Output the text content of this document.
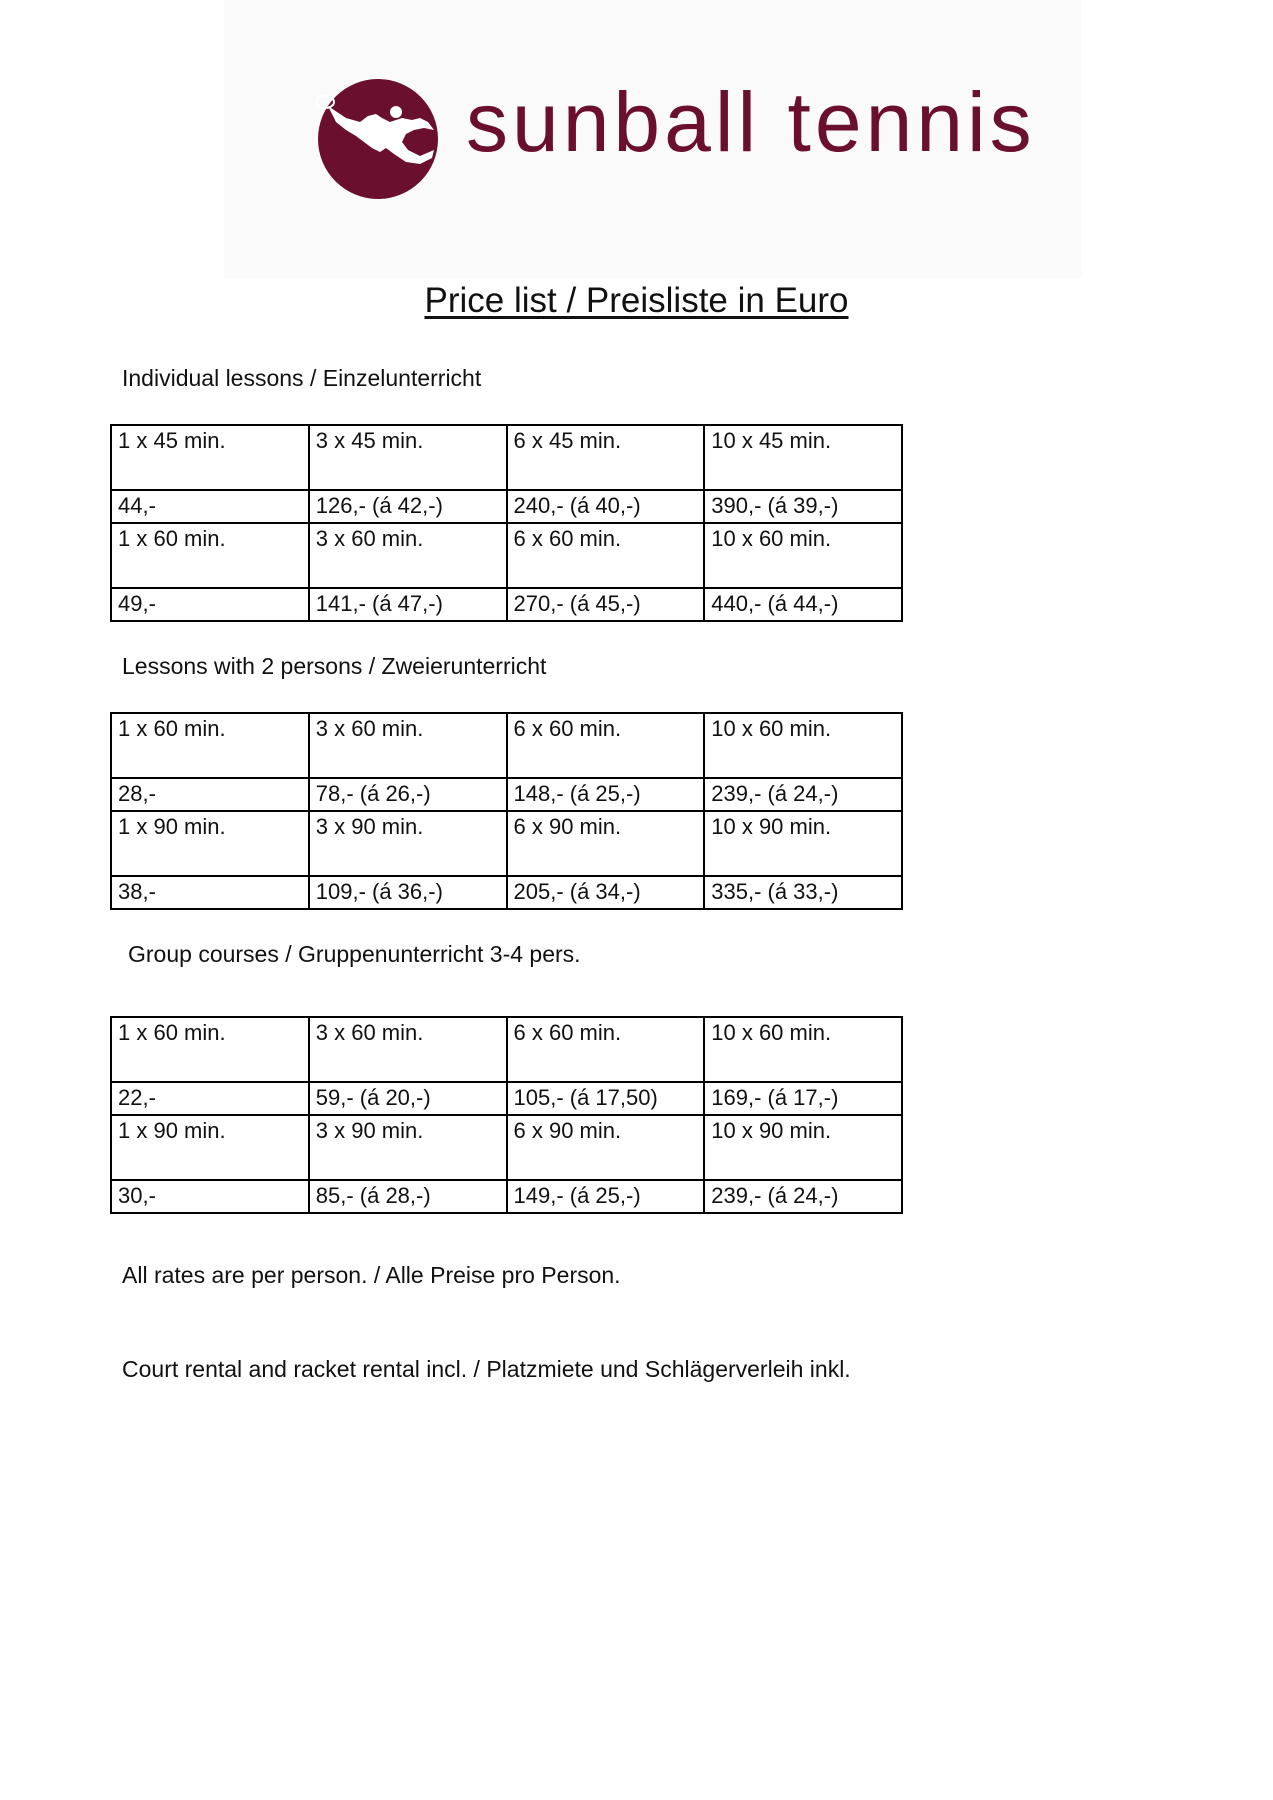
sunball tennis
Price list / Preisliste in Euro
Individual lessons / Einzelunterricht
1 x 45 min.	3 x 45 min.	6 x 45 min.	10 x 45 min.
44,-	126,- (á 42,-)	240,- (á 40,-)	390,- (á 39,-)
1 x 60 min.	3 x 60 min.	6 x 60 min.	10 x 60 min.
49,-	141,- (á 47,-)	270,- (á 45,-)	440,- (á 44,-)
Lessons with 2 persons / Zweierunterricht
1 x 60 min.	3 x 60 min.	6 x 60 min.	10 x 60 min.
28,-	78,- (á 26,-)	148,- (á 25,-)	239,- (á 24,-)
1 x 90 min.	3 x 90 min.	6 x 90 min.	10 x 90 min.
38,-	109,- (á 36,-)	205,- (á 34,-)	335,- (á 33,-)
Group courses / Gruppenunterricht 3-4 pers.
1 x 60 min.	3 x 60 min.	6 x 60 min.	10 x 60 min.
22,-	59,- (á 20,-)	105,- (á 17,50)	169,- (á 17,-)
1 x 90 min.	3 x 90 min.	6 x 90 min.	10 x 90 min.
30,-	85,- (á 28,-)	149,- (á 25,-)	239,- (á 24,-)
All rates are per person. / Alle Preise pro Person.
Court rental and racket rental incl. / Platzmiete und Schlägerverleih inkl.
